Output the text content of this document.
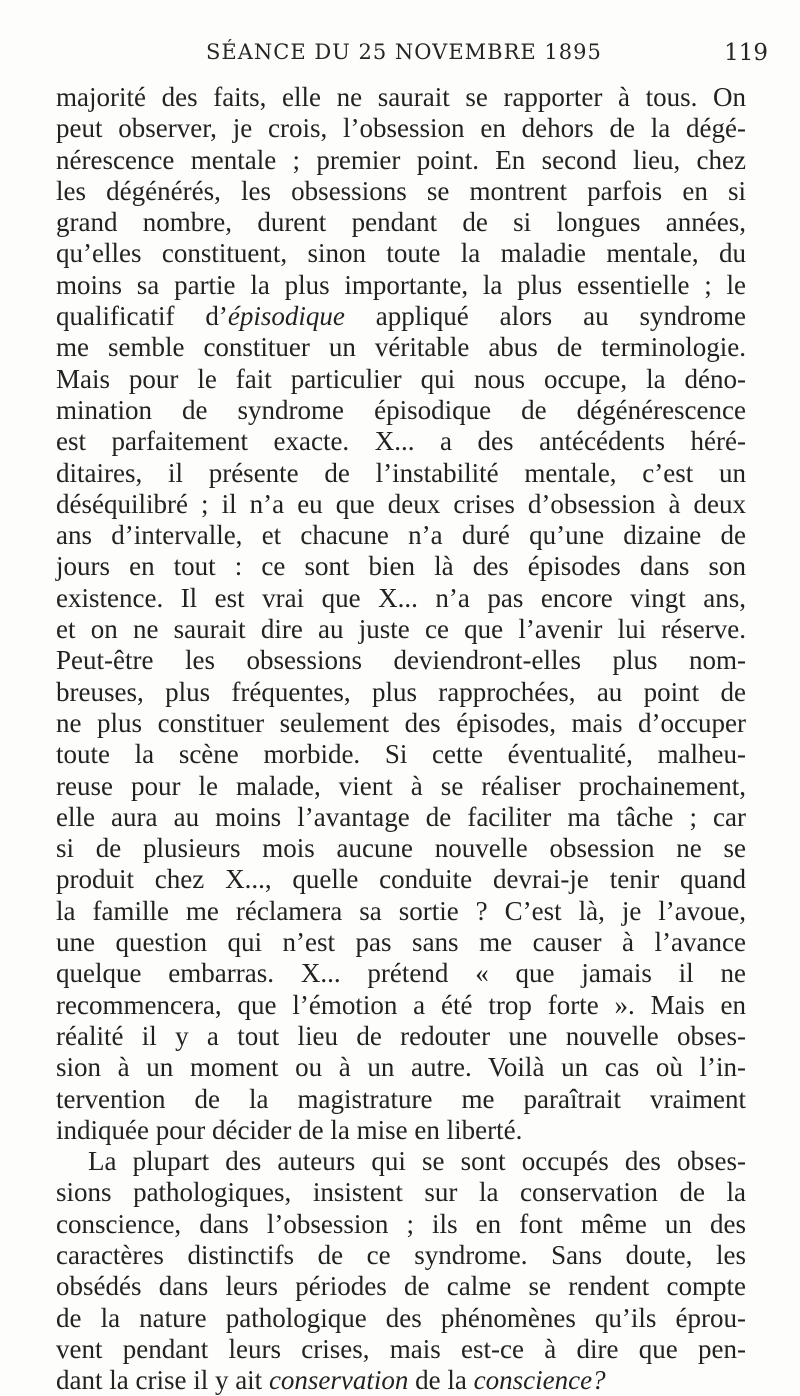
SÉANCE DU 25 NOVEMBRE 1895	119
majorité des faits, elle ne saurait se rapporter à tous. On
peut observer, je crois, l’obsession en dehors de la dégé-
nérescence mentale ; premier point. En second lieu, chez
les dégénérés, les obsessions se montrent parfois en si
grand nombre, durent pendant de si longues années,
qu’elles constituent, sinon toute la maladie mentale, du
moins sa partie la plus importante, la plus essentielle ; le
qualificatif d’épisodique appliqué alors au syndrome
me semble constituer un véritable abus de terminologie.
Mais pour le fait particulier qui nous occupe, la déno-
mination de syndrome épisodique de dégénérescence
est parfaitement exacte. X... a des antécédents héré-
ditaires, il présente de l’instabilité mentale, c’est un
déséquilibré ; il n’a eu que deux crises d’obsession à deux
ans d’intervalle, et chacune n’a duré qu’une dizaine de
jours en tout : ce sont bien là des épisodes dans son
existence. Il est vrai que X... n’a pas encore vingt ans,
et on ne saurait dire au juste ce que l’avenir lui réserve.
Peut-être les obsessions deviendront-elles plus nom-
breuses, plus fréquentes, plus rapprochées, au point de
ne plus constituer seulement des épisodes, mais d’occuper
toute la scène morbide. Si cette éventualité, malheu-
reuse pour le malade, vient à se réaliser prochainement,
elle aura au moins l’avantage de faciliter ma tâche ; car
si de plusieurs mois aucune nouvelle obsession ne se
produit chez X..., quelle conduite devrai-je tenir quand
la famille me réclamera sa sortie ? C’est là, je l’avoue,
une question qui n’est pas sans me causer à l’avance
quelque embarras. X... prétend « que jamais il ne
recommencera, que l’émotion a été trop forte ». Mais en
réalité il y a tout lieu de redouter une nouvelle obses-
sion à un moment ou à un autre. Voilà un cas où l’in-
tervention de la magistrature me paraîtrait vraiment
indiquée pour décider de la mise en liberté.
La plupart des auteurs qui se sont occupés des obses-
sions pathologiques, insistent sur la conservation de la
conscience, dans l’obsession ; ils en font même un des
caractères distinctifs de ce syndrome. Sans doute, les
obsédés dans leurs périodes de calme se rendent compte
de la nature pathologique des phénomènes qu’ils éprou-
vent pendant leurs crises, mais est-ce à dire que pen-
dant la crise il y ait conservation de la conscience?
